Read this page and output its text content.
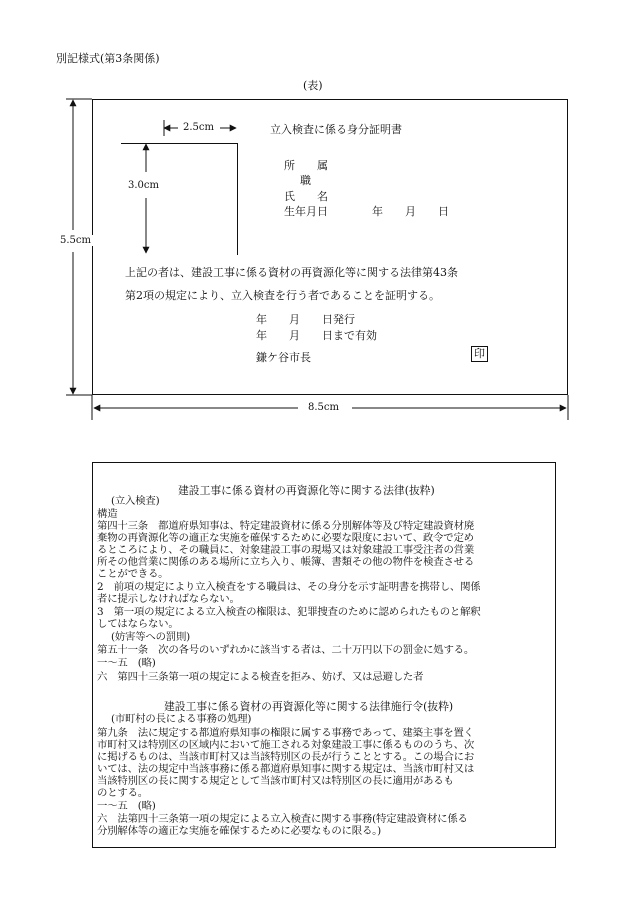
別記様式(第3条関係)
(表)
2.5cm
3.0cm
5.5cm
8.5cm
立入検査に係る身分証明書
所　　属
職
氏　　名
生年月日　　　　年　　月　　日
上記の者は、建設工事に係る資材の再資源化等に関する法律第43条
第2項の規定により、立入検査を行う者であることを証明する。
年　　月　　日発行
年　　月　　日まで有効
鎌ケ谷市長	印
建設工事に係る資材の再資源化等に関する法律(抜粋)
(立入検査)
構造
第四十三条　都道府県知事は、特定建設資材に係る分別解体等及び特定建設資材廃
棄物の再資源化等の適正な実施を確保するために必要な限度において、政令で定め
るところにより、その職員に、対象建設工事の現場又は対象建設工事受注者の営業
所その他営業に関係のある場所に立ち入り、帳簿、書類その他の物件を検査させる
ことができる。
2　前項の規定により立入検査をする職員は、その身分を示す証明書を携帯し、関係
者に提示しなければならない。
3　第一項の規定による立入検査の権限は、犯罪捜査のために認められたものと解釈
してはならない。
(妨害等への罰則)
第五十一条　次の各号のいずれかに該当する者は、二十万円以下の罰金に処する。
一～五　(略)
六　第四十三条第一項の規定による検査を拒み、妨げ、又は忌避した者
建設工事に係る資材の再資源化等に関する法律施行令(抜粋)
(市町村の長による事務の処理)
第九条　法に規定する都道府県知事の権限に属する事務であって、建築主事を置く
市町村又は特別区の区域内において施工される対象建設工事に係るもののうち、次
に掲げるものは、当該市町村又は当該特別区の長が行うこととする。この場合にお
いては、法の規定中当該事務に係る都道府県知事に関する規定は、当該市町村又は
当該特別区の長に関する規定として当該市町村又は特別区の長に適用があるも
のとする。
一～五　(略)
六　法第四十三条第一項の規定による立入検査に関する事務(特定建設資材に係る
分別解体等の適正な実施を確保するために必要なものに限る。)
